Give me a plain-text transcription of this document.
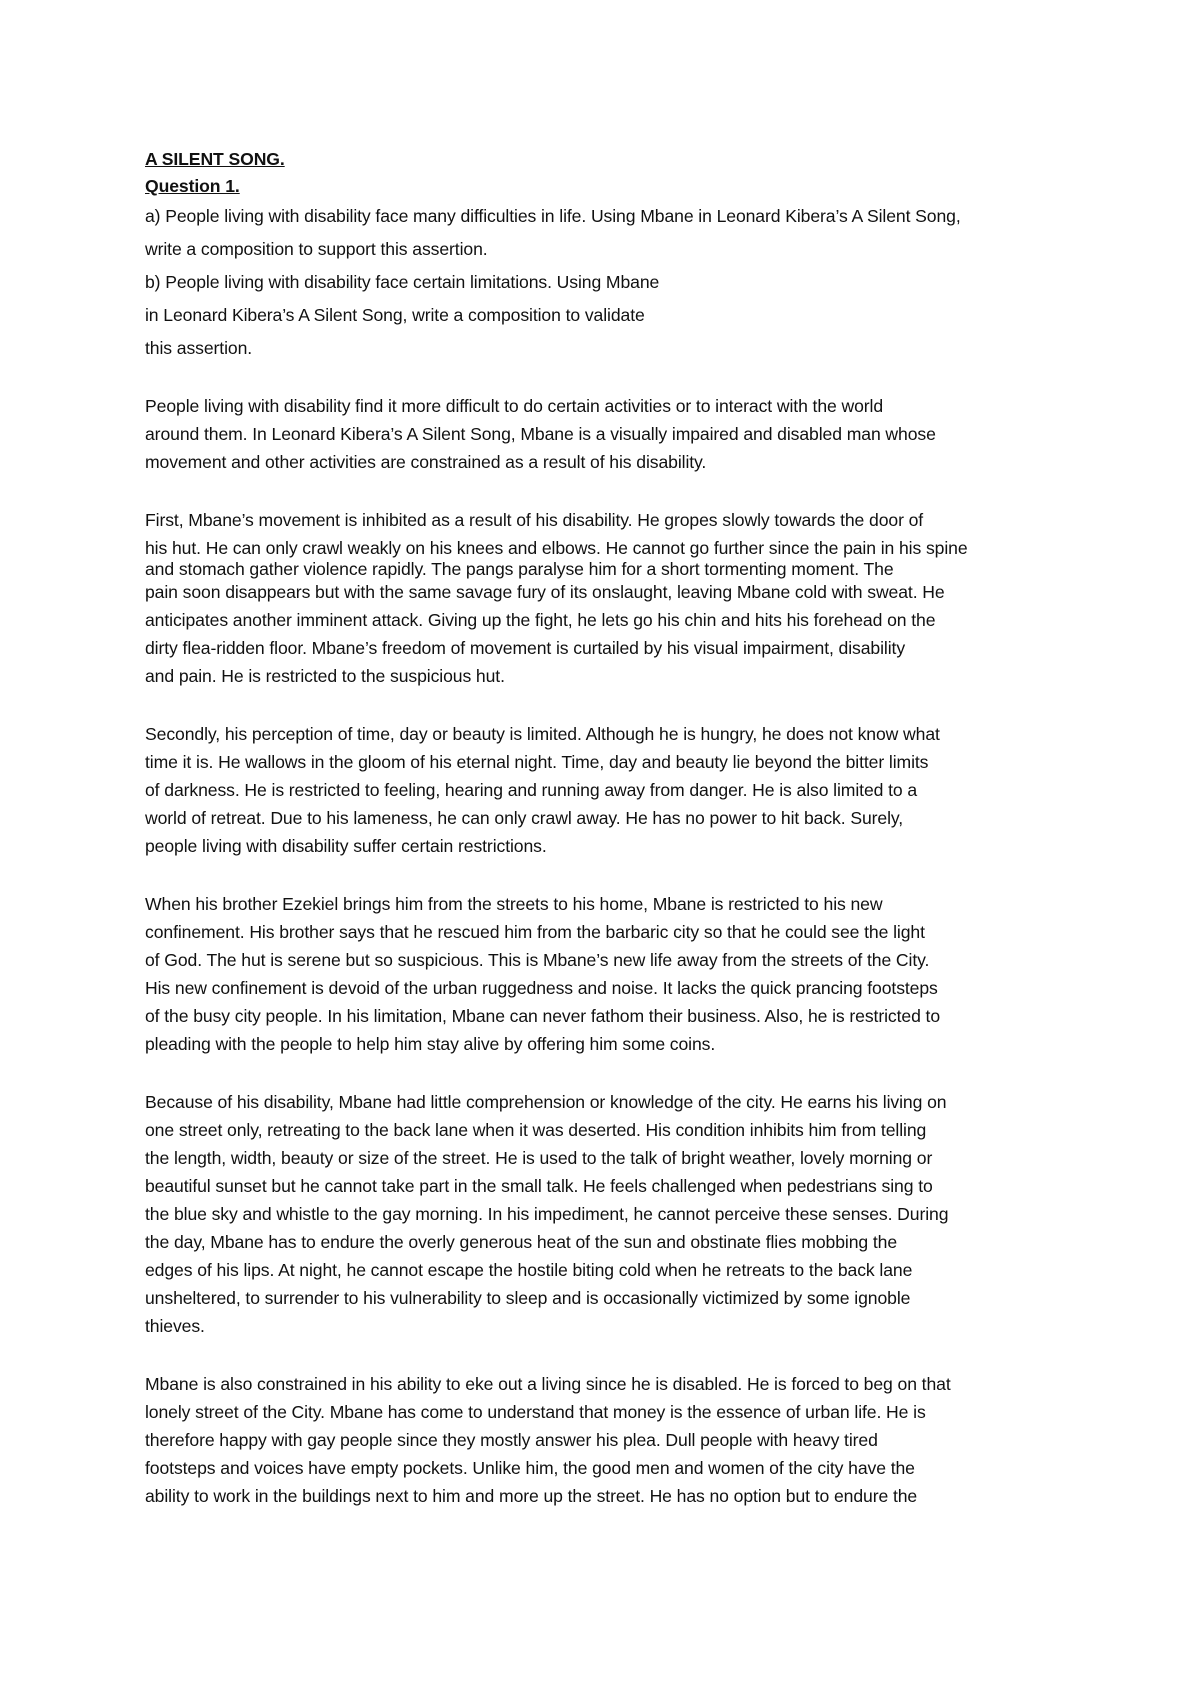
A SILENT SONG.
Question 1.
a) People living with disability face many difficulties in life. Using Mbane in Leonard Kibera’s A Silent Song,
write a composition to support this assertion.
b) People living with disability face certain limitations. Using Mbane
in Leonard Kibera’s A Silent Song, write a composition to validate
this assertion.
People living with disability find it more difficult to do certain activities or to interact with the world
around them. In Leonard Kibera’s A Silent Song, Mbane is a visually impaired and disabled man whose
movement and other activities are constrained as a result of his disability.
First, Mbane’s movement is inhibited as a result of his disability. He gropes slowly towards the door of
his hut. He can only crawl weakly on his knees and elbows. He cannot go further since the pain in his spine
and stomach gather violence rapidly. The pangs paralyse him for a short tormenting moment. The
pain soon disappears but with the same savage fury of its onslaught, leaving Mbane cold with sweat. He
anticipates another imminent attack. Giving up the fight, he lets go his chin and hits his forehead on the
dirty flea-ridden floor. Mbane’s freedom of movement is curtailed by his visual impairment, disability
and pain. He is restricted to the suspicious hut.
Secondly, his perception of time, day or beauty is limited. Although he is hungry, he does not know what
time it is. He wallows in the gloom of his eternal night. Time, day and beauty lie beyond the bitter limits
of darkness. He is restricted to feeling, hearing and running away from danger. He is also limited to a
world of retreat. Due to his lameness, he can only crawl away. He has no power to hit back. Surely,
people living with disability suffer certain restrictions.
When his brother Ezekiel brings him from the streets to his home, Mbane is restricted to his new
confinement. His brother says that he rescued him from the barbaric city so that he could see the light
of God. The hut is serene but so suspicious. This is Mbane’s new life away from the streets of the City.
His new confinement is devoid of the urban ruggedness and noise. It lacks the quick prancing footsteps
of the busy city people. In his limitation, Mbane can never fathom their business. Also, he is restricted to
pleading with the people to help him stay alive by offering him some coins.
Because of his disability, Mbane had little comprehension or knowledge of the city. He earns his living on
one street only, retreating to the back lane when it was deserted. His condition inhibits him from telling
the length, width, beauty or size of the street. He is used to the talk of bright weather, lovely morning or
beautiful sunset but he cannot take part in the small talk. He feels challenged when pedestrians sing to
the blue sky and whistle to the gay morning. In his impediment, he cannot perceive these senses. During
the day, Mbane has to endure the overly generous heat of the sun and obstinate flies mobbing the
edges of his lips. At night, he cannot escape the hostile biting cold when he retreats to the back lane
unsheltered, to surrender to his vulnerability to sleep and is occasionally victimized by some ignoble
thieves.
Mbane is also constrained in his ability to eke out a living since he is disabled. He is forced to beg on that
lonely street of the City. Mbane has come to understand that money is the essence of urban life. He is
therefore happy with gay people since they mostly answer his plea. Dull people with heavy tired
footsteps and voices have empty pockets. Unlike him, the good men and women of the city have the
ability to work in the buildings next to him and more up the street. He has no option but to endure the
